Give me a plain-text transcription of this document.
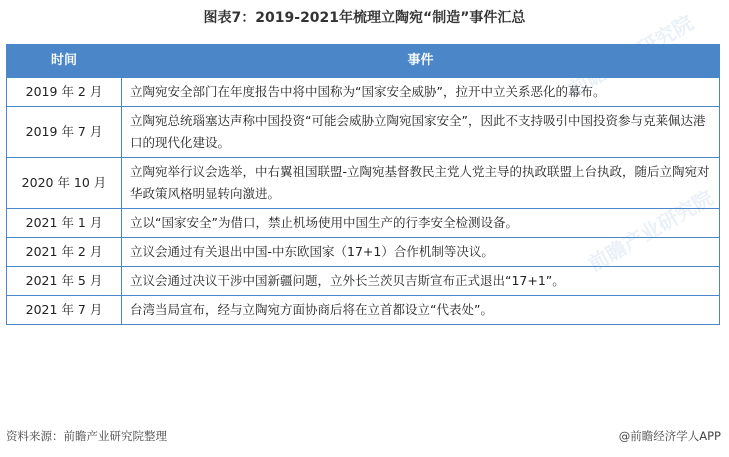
图表7：2019-2021年梳理立陶宛“制造”事件汇总
前瞻产业研究院
时间	事件
2019 年 2 月	立陶宛安全部门在年度报告中将中国称为“国家安全威胁”，拉开中立关系恶化的幕布。
2019 年 7 月	立陶宛总统瑙塞达声称中国投资“可能会威胁立陶宛国家安全”，因此不支持吸引中国投资参与克莱佩达港口的现代化建设。
2020 年 10 月	立陶宛举行议会选举，中右翼祖国联盟-立陶宛基督教民主党人党主导的执政联盟上台执政，随后立陶宛对华政策风格明显转向激进。
2021 年 1 月	立以“国家安全”为借口，禁止机场使用中国生产的行李安全检测设备。
2021 年 2 月	立议会通过有关退出中国-中东欧国家（17+1）合作机制等决议。
2021 年 5 月	立议会通过决议干涉中国新疆问题，立外长兰茨贝吉斯宣布正式退出“17+1”。
2021 年 7 月	台湾当局宣布，经与立陶宛方面协商后将在立首都设立“代表处”。
资料来源：前瞻产业研究院整理	@前瞻经济学人APP
